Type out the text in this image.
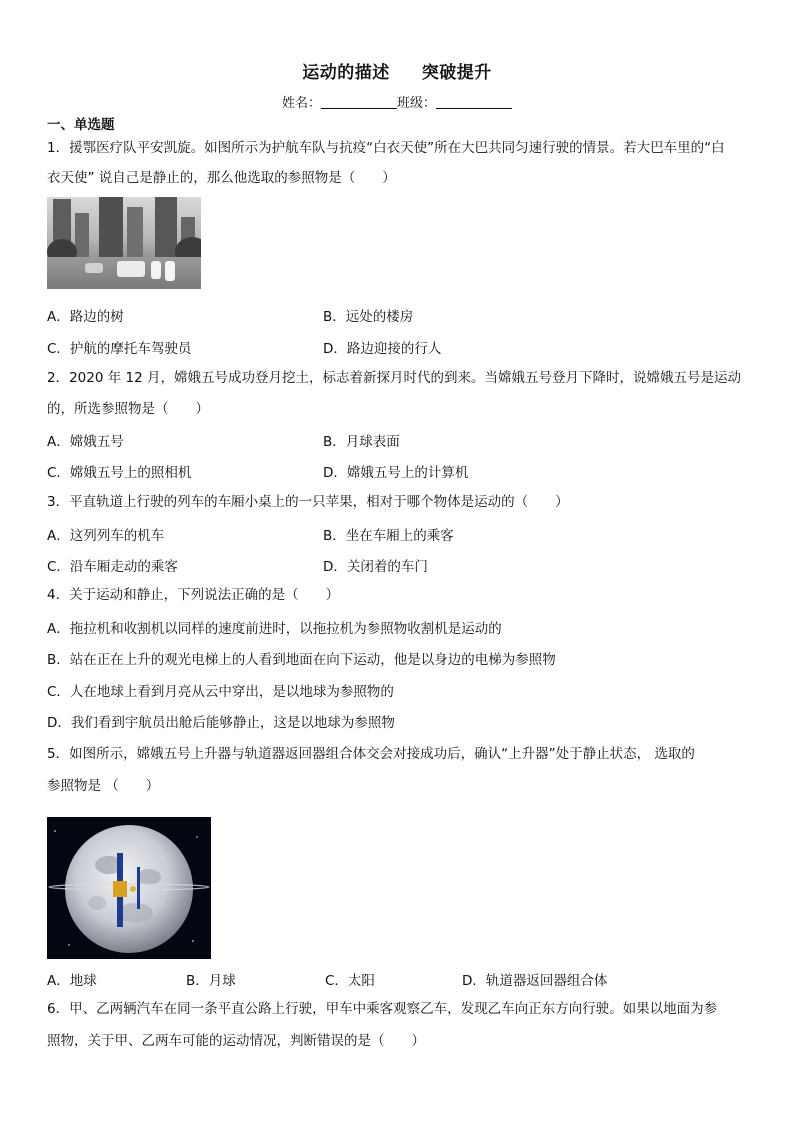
运动的描述 突破提升
姓名：	班级：
一、单选题
1．援鄂医疗队平安凯旋。如图所示为护航车队与抗疫“白衣天使”所在大巴共同匀速行驶的情景。若大巴车里的“白
衣天使” 说自己是静止的，那么他选取的参照物是（　　）
A．路边的树	B．远处的楼房
C．护航的摩托车驾驶员	D．路边迎接的行人
2．2020 年 12 月，嫦娥五号成功登月挖土，标志着新探月时代的到来。当嫦娥五号登月下降时，说嫦娥五号是运动
的，所选参照物是（　　）
A．嫦娥五号	B．月球表面
C．嫦娥五号上的照相机	D．嫦娥五号上的计算机
3．平直轨道上行驶的列车的车厢小桌上的一只苹果，相对于哪个物体是运动的（　　）
A．这列列车的机车	B．坐在车厢上的乘客
C．沿车厢走动的乘客	D．关闭着的车门
4．关于运动和静止，下列说法正确的是（　　）
A．拖拉机和收割机以同样的速度前进时，以拖拉机为参照物收割机是运动的
B．站在正在上升的观光电梯上的人看到地面在向下运动，他是以身边的电梯为参照物
C．人在地球上看到月亮从云中穿出，是以地球为参照物的
D．我们看到宇航员出舱后能够静止，这是以地球为参照物
5．如图所示，嫦娥五号上升器与轨道器返回器组合体交会对接成功后，确认“上升器”处于静止状态， 选取的
参照物是 （　　）
A．地球	B．月球	C．太阳	D．轨道器返回器组合体
6．甲、乙两辆汽车在同一条平直公路上行驶，甲车中乘客观察乙车，发现乙车向正东方向行驶。如果以地面为参
照物，关于甲、乙两车可能的运动情况，判断错误的是（　　）
